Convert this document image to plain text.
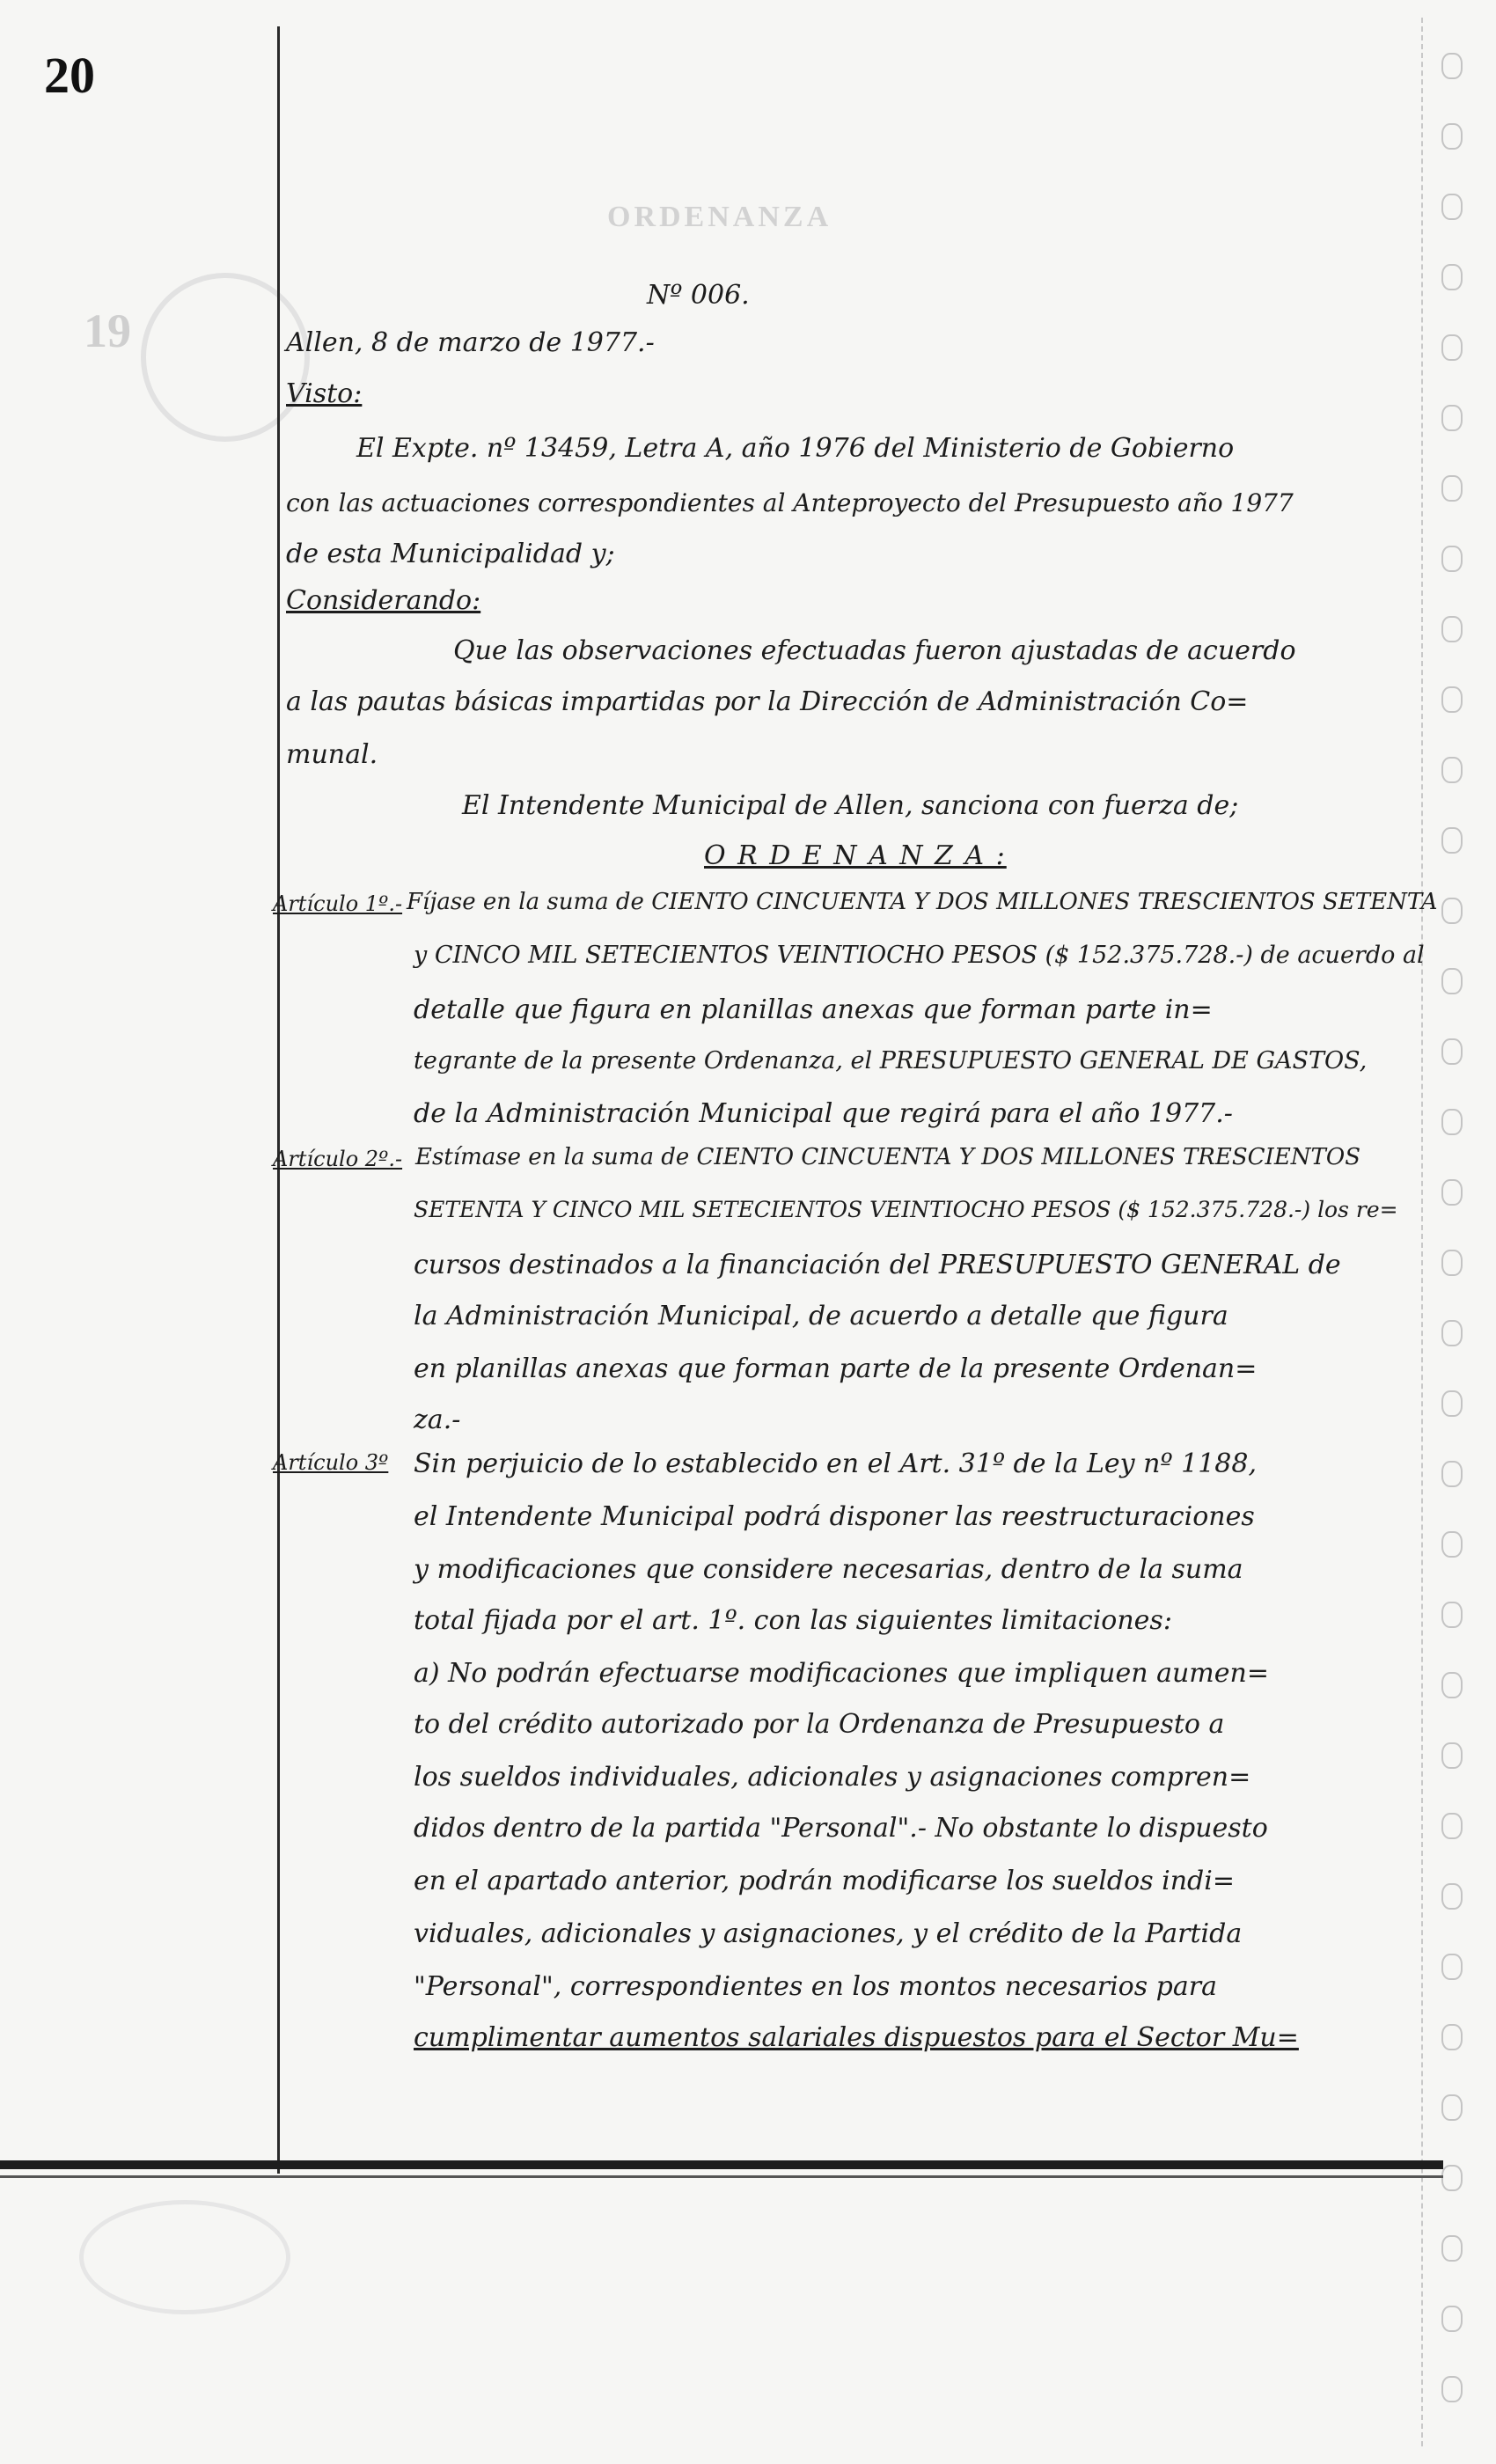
ORDENANZA
19
20

Nº 006.

Allen, 8 de marzo de 1977.-

Visto:

El Expte. nº 13459, Letra A, año 1976 del Ministerio de Gobierno

con las actuaciones correspondientes al Anteproyecto del Presupuesto año 1977

de esta Municipalidad y;

Considerando:

Que las observaciones efectuadas fueron ajustadas de acuerdo

a las pautas básicas impartidas por la Dirección de Administración Co=

munal.

El Intendente Municipal de Allen, sanciona con fuerza de;

O R D E N A N Z A :

Artículo 1º.- Fíjase en la suma de CIENTO CINCUENTA Y DOS MILLONES TRESCIENTOS SETENTA

y CINCO MIL SETECIENTOS VEINTIOCHO PESOS ($ 152.375.728.-) de acuerdo al

detalle que figura en planillas anexas que forman parte in=

tegrante de la presente Ordenanza, el PRESUPUESTO GENERAL DE GASTOS,

de la Administración Municipal que regirá para el año 1977.-

Artículo 2º.- Estímase en la suma de CIENTO CINCUENTA Y DOS MILLONES TRESCIENTOS

SETENTA Y CINCO MIL SETECIENTOS VEINTIOCHO PESOS ($ 152.375.728.-) los re=

cursos destinados a la financiación del PRESUPUESTO GENERAL de

la Administración Municipal, de acuerdo a detalle que figura

en planillas anexas que forman parte de la presente Ordenan=

za.-

Artículo 3º Sin perjuicio de lo establecido en el Art. 31º de la Ley nº 1188,

el Intendente Municipal podrá disponer las reestructuraciones

y modificaciones que considere necesarias, dentro de la suma

total fijada por el art. 1º. con las siguientes limitaciones:

a) No podrán efectuarse modificaciones que impliquen aumen=

to del crédito autorizado por la Ordenanza de Presupuesto a

los sueldos individuales, adicionales y asignaciones compren=

didos dentro de la partida "Personal".- No obstante lo dispuesto

en el apartado anterior, podrán modificarse los sueldos indi=

viduales, adicionales y asignaciones, y el crédito de la Partida

"Personal", correspondientes en los montos necesarios para

cumplimentar aumentos salariales dispuestos para el Sector Mu=
